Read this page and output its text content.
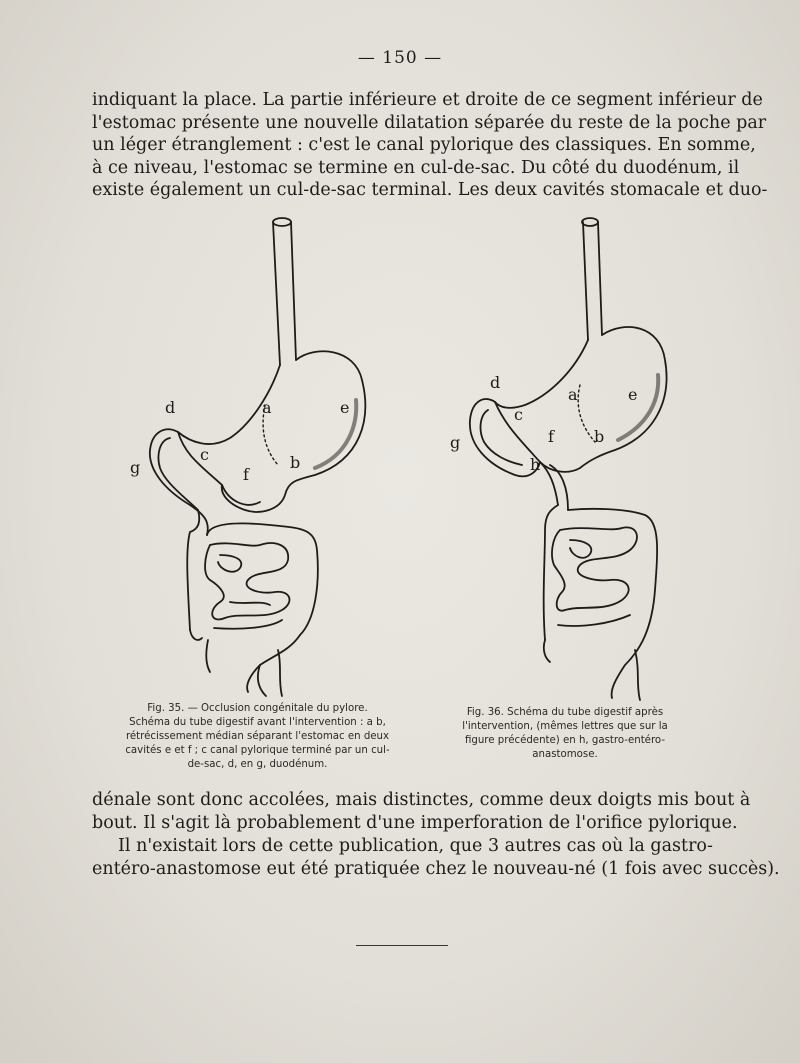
— 150 —

indiquant la place. La partie inférieure et droite de ce segment inférieur de
l'estomac présente une nouvelle dilatation séparée du reste de la poche par
un léger étranglement : c'est le canal pylorique des classiques. En somme,
à ce niveau, l'estomac se termine en cul-de-sac. Du côté du duodénum, il
existe également un cul-de-sac terminal. Les deux cavités stomacale et duo-

d	a	e
c	b
g	f
d
a	e
c
f	b
g
h
Fig. 35. — Occlusion congénitale du pylore.
Schéma du tube digestif avant l'intervention : a b,
rétrécissement médian séparant l'estomac en deux
cavités e et f ; c canal pylorique terminé par un cul-
de-sac, d, en g, duodénum.
Fig. 36. Schéma du tube digestif après
l'intervention, (mêmes lettres que sur la
figure précédente) en h, gastro-entéro-
anastomose.

dénale sont donc accolées, mais distinctes, comme deux doigts mis bout à
bout. Il s'agit là probablement d'une imperforation de l'orifice pylorique.

Il n'existait lors de cette publication, que 3 autres cas où la gastro-
entéro-anastomose eut été pratiquée chez le nouveau-né (1 fois avec succès).
